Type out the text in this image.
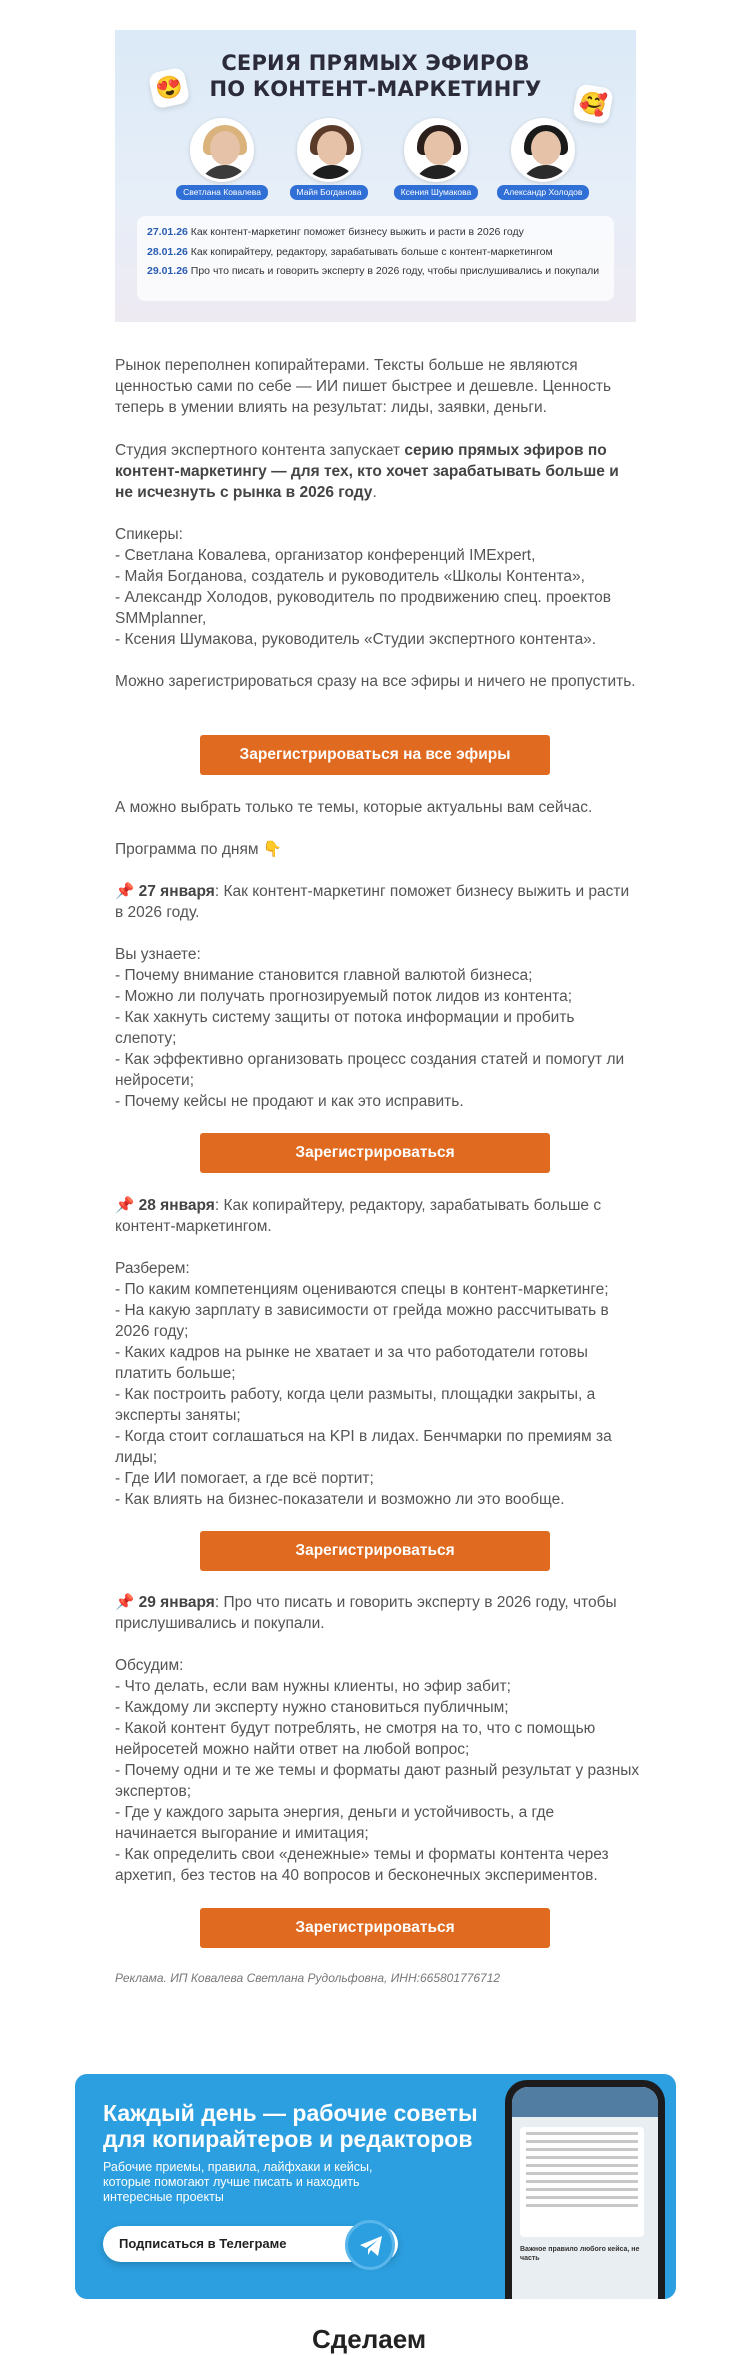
СЕРИЯ ПРЯМЫХ ЭФИРОВ
ПО КОНТЕНТ-МАРКЕТИНГУ
😍
🥰
Светлана Ковалева	Майя Богданова	Ксения Шумакова	Александр Холодов
27.01.26 Как контент-маркетинг поможет бизнесу выжить и расти в 2026 году
28.01.26 Как копирайтеру, редактору, зарабатывать больше с контент-маркетингом
29.01.26 Про что писать и говорить эксперту в 2026 году, чтобы прислушивались и покупали

Рынок переполнен копирайтерами. Тексты больше не являются ценностью сами по себе — ИИ пишет быстрее и дешевле. Ценность теперь в умении влиять на результат: лиды, заявки, деньги.

Студия экспертного контента запускает серию прямых эфиров по контент-маркетингу — для тех, кто хочет зарабатывать больше и не исчезнуть с рынка в 2026 году.

Спикеры:
- Светлана Ковалева, организатор конференций IMExpert,
- Майя Богданова, создатель и руководитель «Школы Контента»,
- Александр Холодов, руководитель по продвижению спец. проектов SMMplanner,
- Ксения Шумакова, руководитель «Студии экспертного контента».

Можно зарегистрироваться сразу на все эфиры и ничего не пропустить.

Зарегистрироваться на все эфиры

А можно выбрать только те темы, которые актуальны вам сейчас.

Программа по дням 👇

📌 27 января: Как контент-маркетинг поможет бизнесу выжить и расти в 2026 году.
Вы узнаете:
- Почему внимание становится главной валютой бизнеса;
- Можно ли получать прогнозируемый поток лидов из контента;
- Как хакнуть систему защиты от потока информации и пробить слепоту;
- Как эффективно организовать процесс создания статей и помогут ли нейросети;
- Почему кейсы не продают и как это исправить.
Зарегистрироваться
📌 28 января: Как копирайтеру, редактору, зарабатывать больше с контент-маркетингом.
Разберем:
- По каким компетенциям оцениваются спецы в контент-маркетинге;
- На какую зарплату в зависимости от грейда можно рассчитывать в 2026 году;
- Каких кадров на рынке не хватает и за что работодатели готовы платить больше;
- Как построить работу, когда цели размыты, площадки закрыты, а эксперты заняты;
- Когда стоит соглашаться на KPI в лидах. Бенчмарки по премиям за лиды;
- Где ИИ помогает, а где всё портит;
- Как влиять на бизнес-показатели и возможно ли это вообще.
Зарегистрироваться
📌 29 января: Про что писать и говорить эксперту в 2026 году, чтобы прислушивались и покупали.
Обсудим:
- Что делать, если вам нужны клиенты, но эфир забит;
- Каждому ли эксперту нужно становиться публичным;
- Какой контент будут потреблять, не смотря на то, что с помощью нейросетей можно найти ответ на любой вопрос;
- Почему одни и те же темы и форматы дают разный результат у разных экспертов;
- Где у каждого зарыта энергия, деньги и устойчивость, а где начинается выгорание и имитация;
- Как определить свои «денежные» темы и форматы контента через архетип, без тестов на 40 вопросов и бесконечных экспериментов.
Зарегистрироваться

Реклама. ИП Ковалева Светлана Рудольфовна, ИНН:665801776712

Каждый день — рабочие советы для копирайтеров и редакторов
Рабочие приемы, правила, лайфхаки и кейсы, которые помогают лучше писать и находить интересные проекты
Подписаться в Телеграме	Важное правило любого кейса, не часть
Сделаем
